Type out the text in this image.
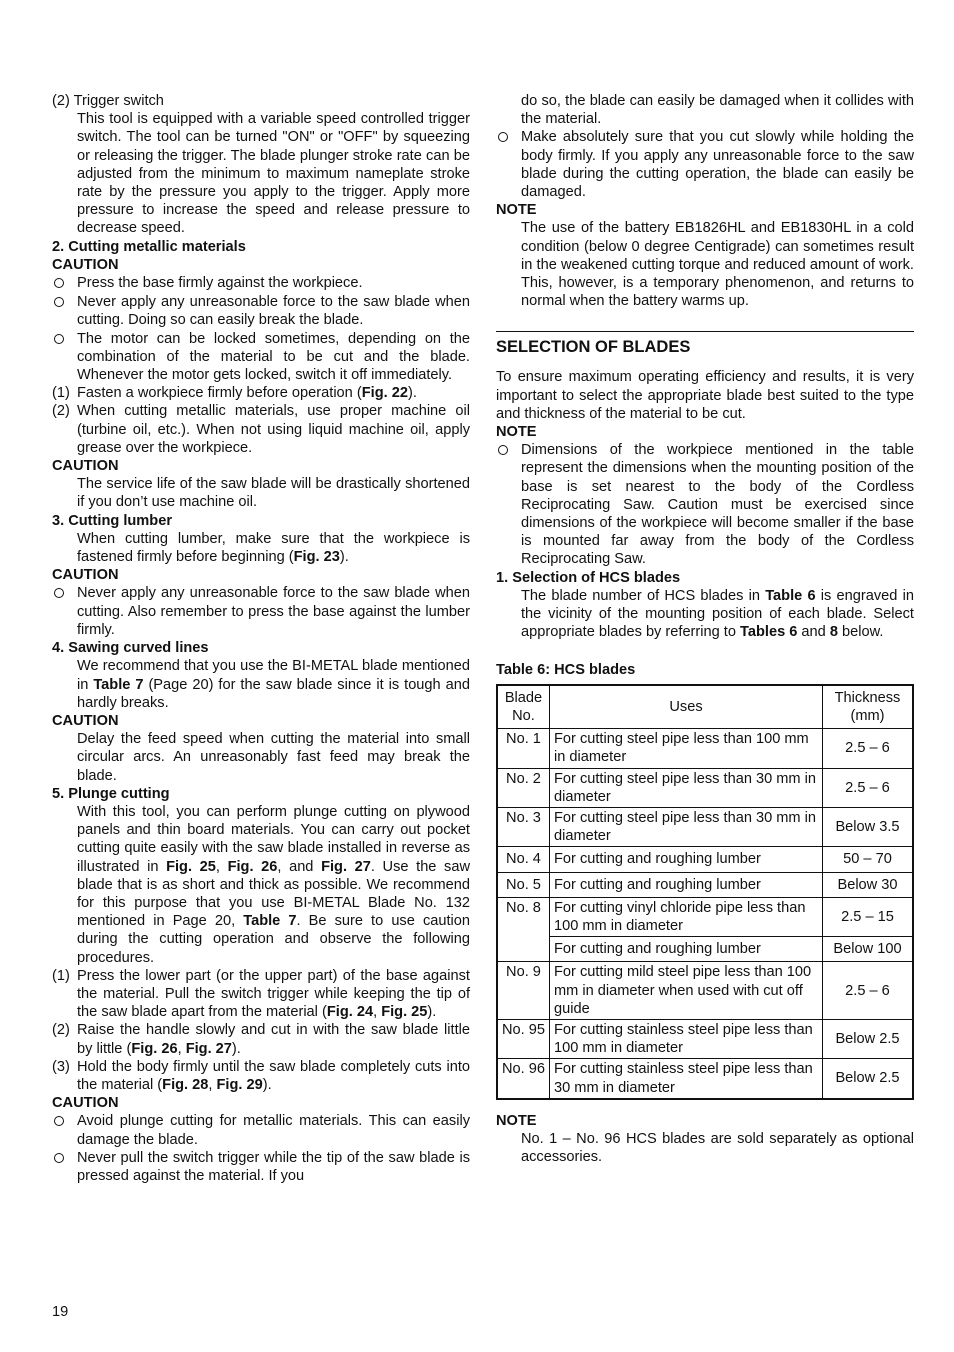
(2) Trigger switch
This tool is equipped with a variable speed controlled trigger switch. The tool can be turned "ON" or "OFF" by squeezing or releasing the trigger. The blade plunger stroke rate can be adjusted from the minimum to maximum nameplate stroke rate by the pressure you apply to the trigger. Apply more pressure to increase the speed and release pressure to decrease speed.
2. Cutting metallic materials
CAUTION
Press the base firmly against the workpiece.
Never apply any unreasonable force to the saw blade when cutting. Doing so can easily break the blade.
The motor can be locked sometimes, depending on the combination of the material to be cut and the blade. Whenever the motor gets locked, switch it off immediately.
(1) Fasten a workpiece firmly before operation (Fig. 22).
(2) When cutting metallic materials, use proper machine oil (turbine oil, etc.). When not using liquid machine oil, apply grease over the workpiece.
CAUTION
The service life of the saw blade will be drastically shortened if you don’t use machine oil.
3. Cutting lumber
When cutting lumber, make sure that the workpiece is fastened firmly before beginning (Fig. 23).
CAUTION
Never apply any unreasonable force to the saw blade when cutting. Also remember to press the base against the lumber firmly.
4. Sawing curved lines
We recommend that you use the BI-METAL blade mentioned in Table 7 (Page 20) for the saw blade since it is tough and hardly breaks.
CAUTION
Delay the feed speed when cutting the material into small circular arcs. An unreasonably fast feed may break the blade.
5. Plunge cutting
With this tool, you can perform plunge cutting on plywood panels and thin board materials. You can carry out pocket cutting quite easily with the saw blade installed in reverse as illustrated in Fig. 25, Fig. 26, and Fig. 27. Use the saw blade that is as short and thick as possible. We recommend for this purpose that you use BI-METAL Blade No. 132 mentioned in Page 20, Table 7. Be sure to use caution during the cutting operation and observe the following procedures.
(1) Press the lower part (or the upper part) of the base against the material. Pull the switch trigger while keeping the tip of the saw blade apart from the material (Fig. 24, Fig. 25).
(2) Raise the handle slowly and cut in with the saw blade little by little (Fig. 26, Fig. 27).
(3) Hold the body firmly until the saw blade completely cuts into the material (Fig. 28, Fig. 29).
CAUTION
Avoid plunge cutting for metallic materials. This can easily damage the blade.
Never pull the switch trigger while the tip of the saw blade is pressed against the material. If you
do so, the blade can easily be damaged when it collides with the material.
Make absolutely sure that you cut slowly while holding the body firmly. If you apply any unreasonable force to the saw blade during the cutting operation, the blade can easily be damaged.
NOTE
The use of the battery EB1826HL and EB1830HL in a cold condition (below 0 degree Centigrade) can sometimes result in the weakened cutting torque and reduced amount of work. This, however, is a temporary phenomenon, and returns to normal when the battery warms up.
SELECTION OF BLADES
To ensure maximum operating efficiency and results, it is very important to select the appropriate blade best suited to the type and thickness of the material to be cut.
NOTE
Dimensions of the workpiece mentioned in the table represent the dimensions when the mounting position of the base is set nearest to the body of the Cordless Reciprocating Saw. Caution must be exercised since dimensions of the workpiece will become smaller if the base is mounted far away from the body of the Cordless Reciprocating Saw.
1. Selection of HCS blades
The blade number of HCS blades in Table 6 is engraved in the vicinity of the mounting position of each blade. Select appropriate blades by referring to Tables 6 and 8 below.
Table 6: HCS blades
Blade No.	Uses	Thickness (mm)
No. 1	For cutting steel pipe less than 100 mm in diameter	2.5 – 6
No. 2	For cutting steel pipe less than 30 mm in diameter	2.5 – 6
No. 3	For cutting steel pipe less than 30 mm in diameter	Below 3.5
No. 4	For cutting and roughing lumber	50 – 70
No. 5	For cutting and roughing lumber	Below 30
No. 8	For cutting vinyl chloride pipe less than 100 mm in diameter	2.5 – 15
	For cutting and roughing lumber	Below 100
No. 9	For cutting mild steel pipe less than 100 mm in diameter when used with cut off guide	2.5 – 6
No. 95	For cutting stainless steel pipe less than 100 mm in diameter	Below 2.5
No. 96	For cutting stainless steel pipe less than 30 mm in diameter	Below 2.5
NOTE
No. 1 – No. 96 HCS blades are sold separately as optional accessories.
19
